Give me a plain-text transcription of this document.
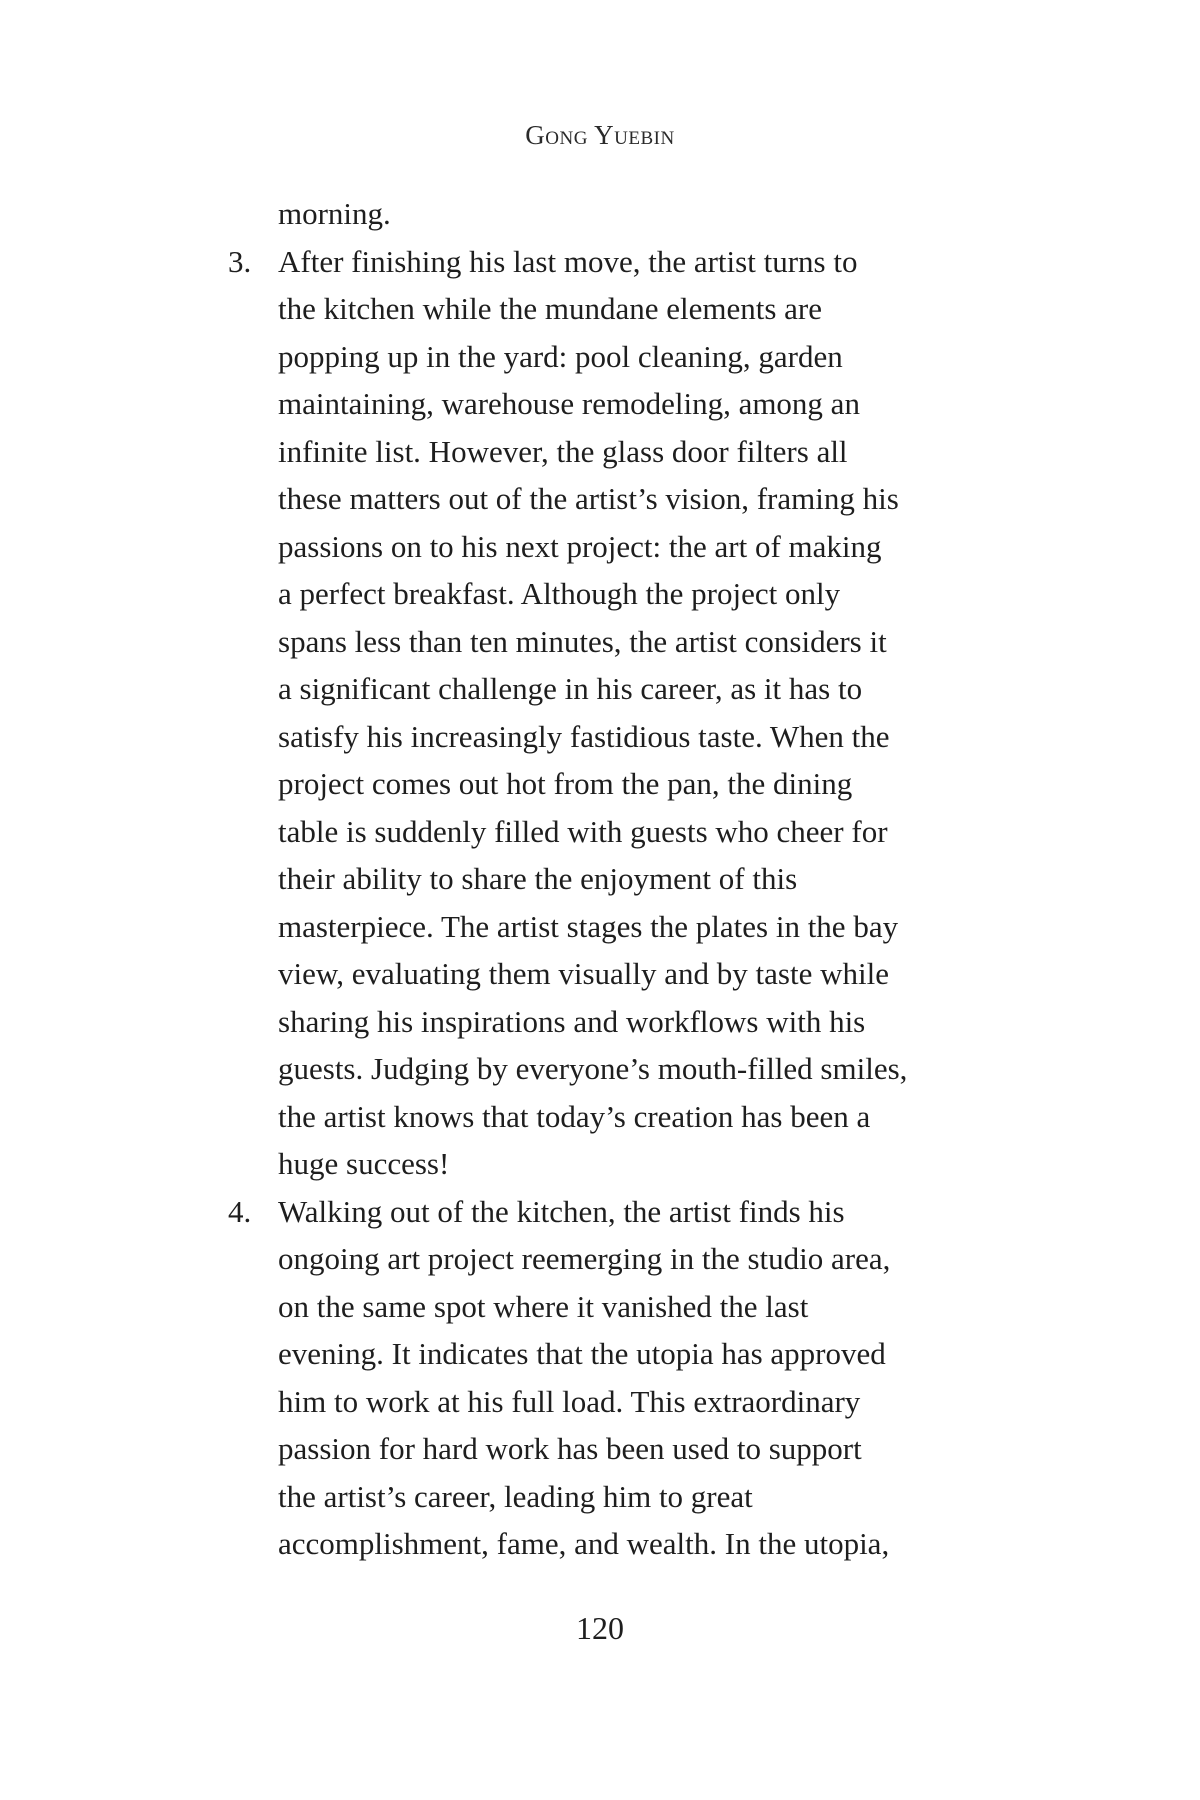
Gong Yuebin
morning.
3. After finishing his last move, the artist turns to
the kitchen while the mundane elements are
popping up in the yard: pool cleaning, garden
maintaining, warehouse remodeling, among an
infinite list. However, the glass door filters all
these matters out of the artist’s vision, framing his
passions on to his next project: the art of making
a perfect breakfast. Although the project only
spans less than ten minutes, the artist considers it
a significant challenge in his career, as it has to
satisfy his increasingly fastidious taste. When the
project comes out hot from the pan, the dining
table is suddenly filled with guests who cheer for
their ability to share the enjoyment of this
masterpiece. The artist stages the plates in the bay
view, evaluating them visually and by taste while
sharing his inspirations and workflows with his
guests. Judging by everyone’s mouth-filled smiles,
the artist knows that today’s creation has been a
huge success!
4. Walking out of the kitchen, the artist finds his
ongoing art project reemerging in the studio area,
on the same spot where it vanished the last
evening. It indicates that the utopia has approved
him to work at his full load. This extraordinary
passion for hard work has been used to support
the artist’s career, leading him to great
accomplishment, fame, and wealth. In the utopia,
120
